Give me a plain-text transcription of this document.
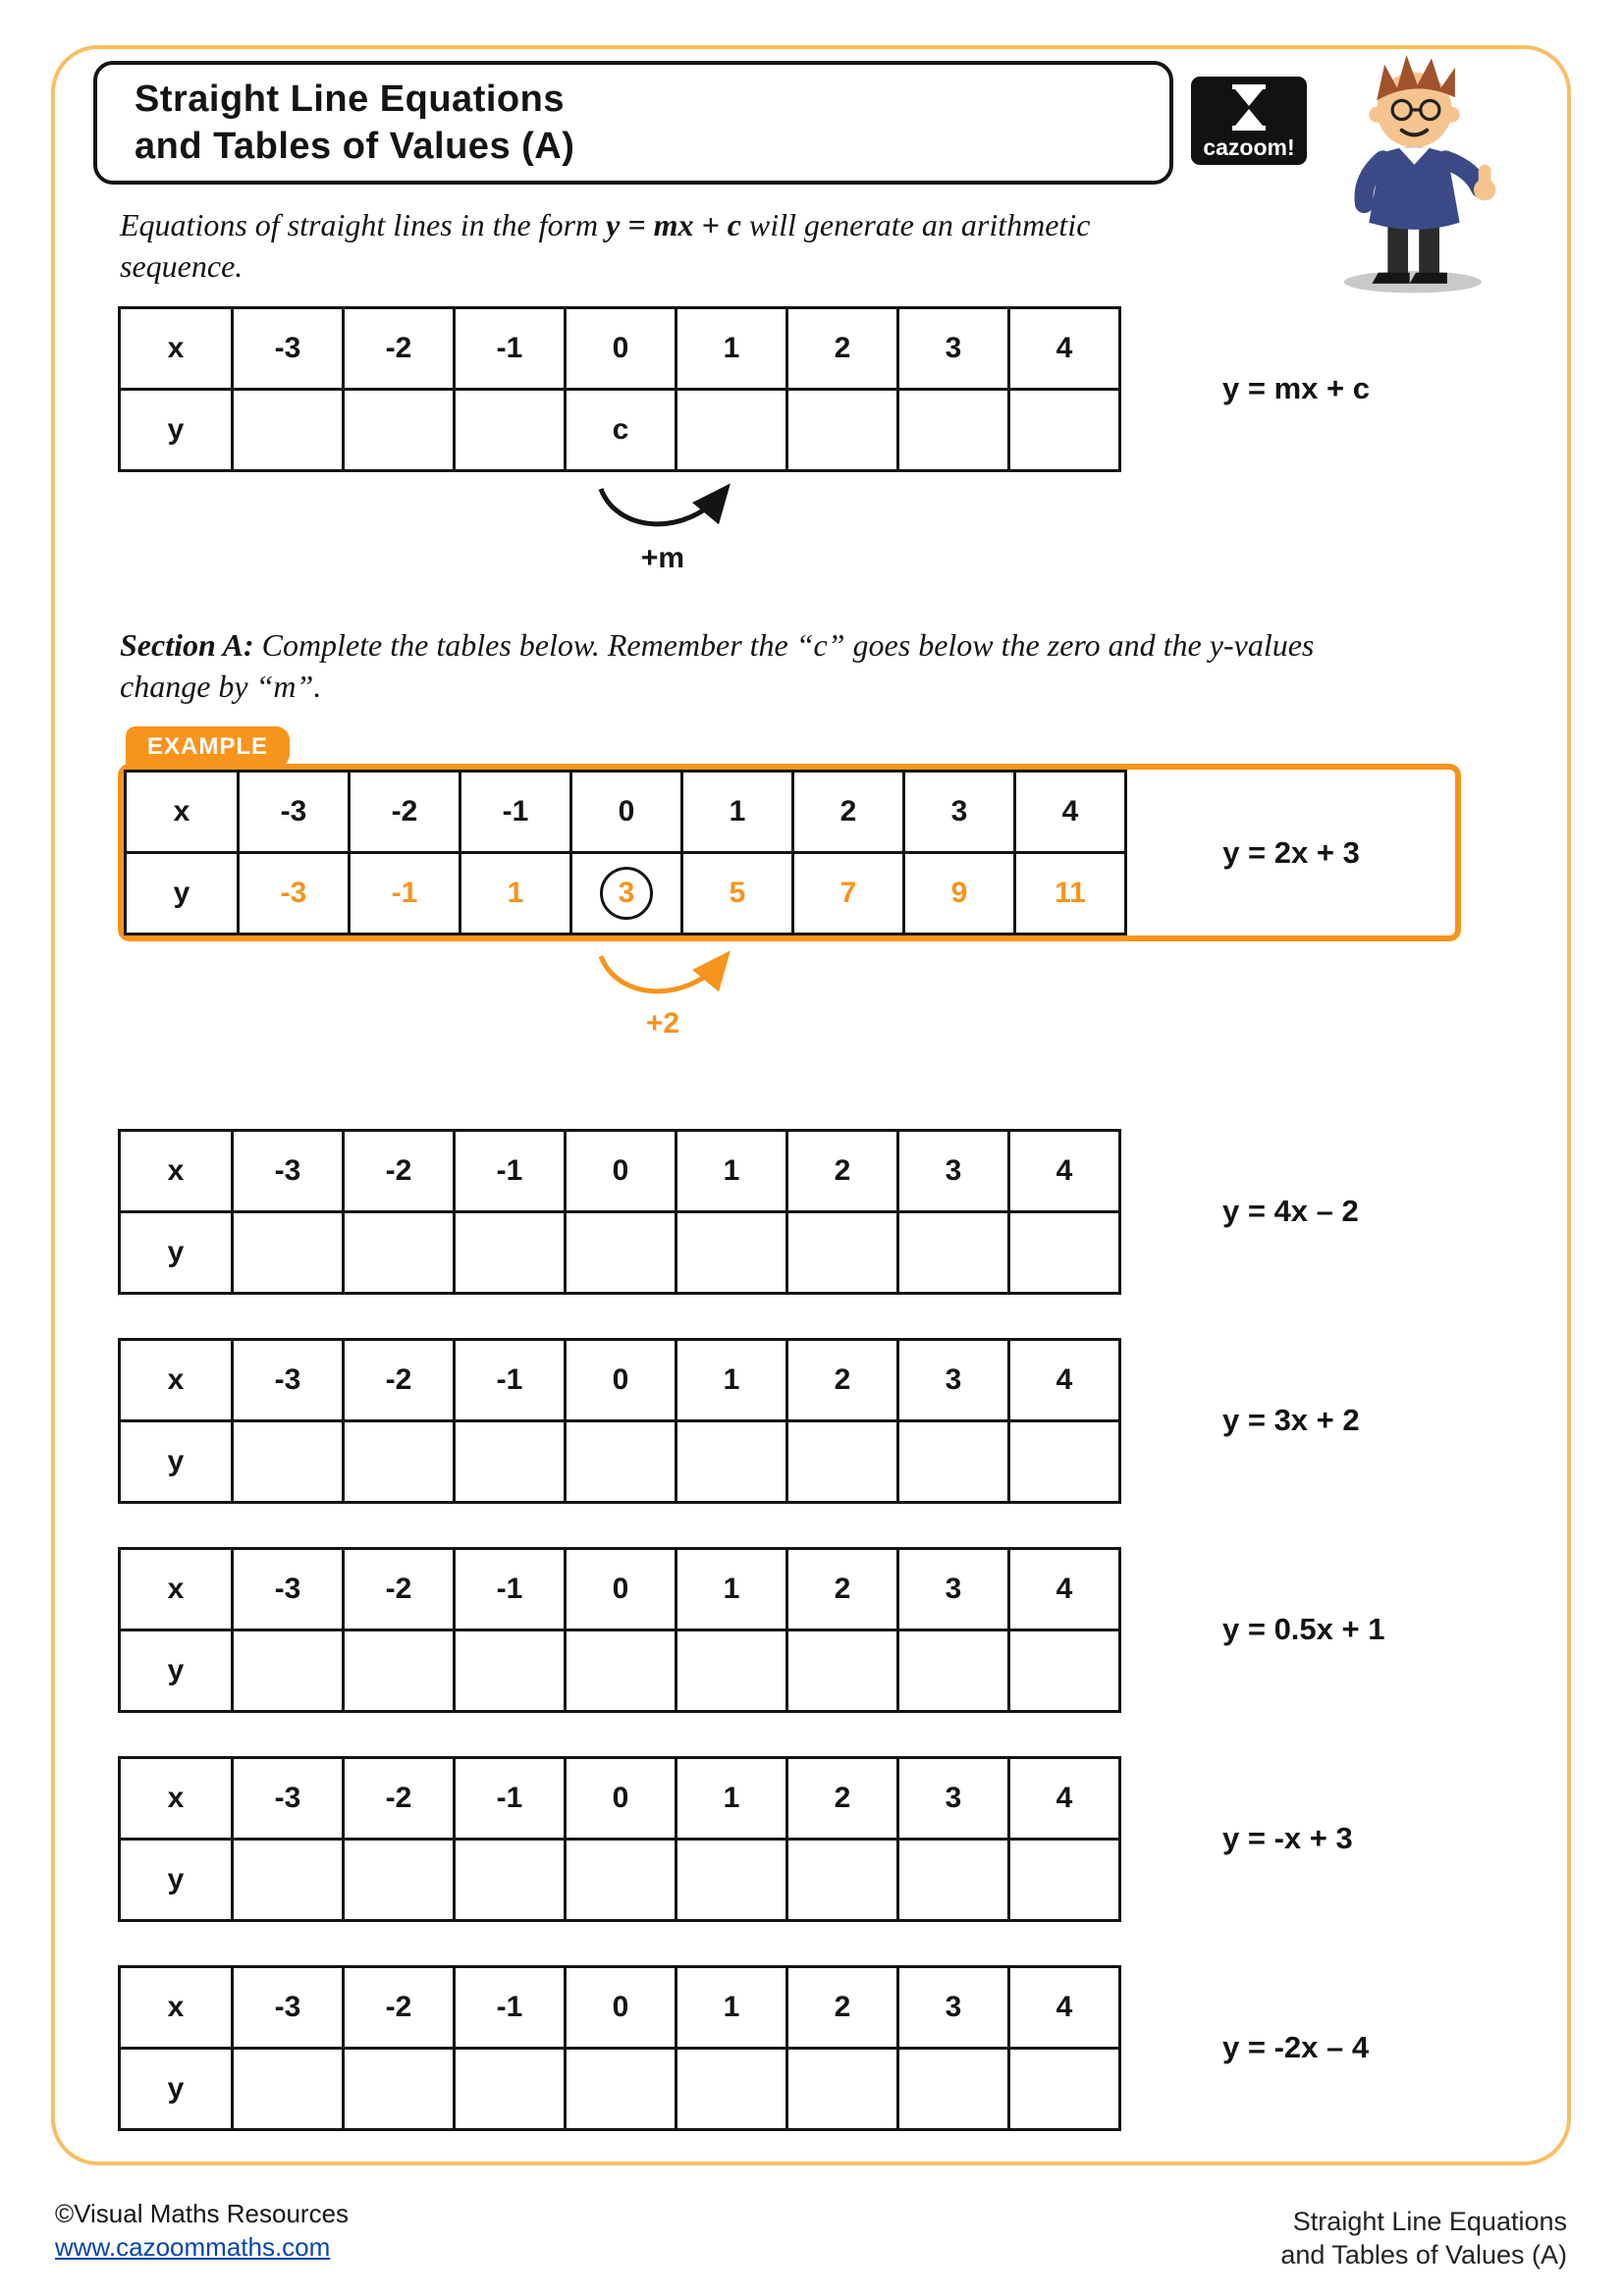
Straight Line Equations
and Tables of Values (A)	cazoom!

Equations of straight lines in the form y = mx + c will generate an arithmetic sequence.

x	-3	-2	-1	0	1	2	3	4
y				c				
y = mx + c
+m

Section A: Complete the tables below. Remember the “c” goes below the zero and the y-values change by “m”.

EXAMPLE
x	-3	-2	-1	0	1	2	3	4
y	-3	-1	1	3	5	7	9	11
y = 2x + 3
+2
x	-3	-2	-1	0	1	2	3	4
y								
y = 4x – 2
x	-3	-2	-1	0	1	2	3	4
y								
y = 3x + 2
x	-3	-2	-1	0	1	2	3	4
y								
y = 0.5x + 1
x	-3	-2	-1	0	1	2	3	4
y								
y = -x + 3
x	-3	-2	-1	0	1	2	3	4
y								
y = -2x – 4
©Visual Maths Resources
www.cazoommaths.com
Straight Line Equations
and Tables of Values (A)
